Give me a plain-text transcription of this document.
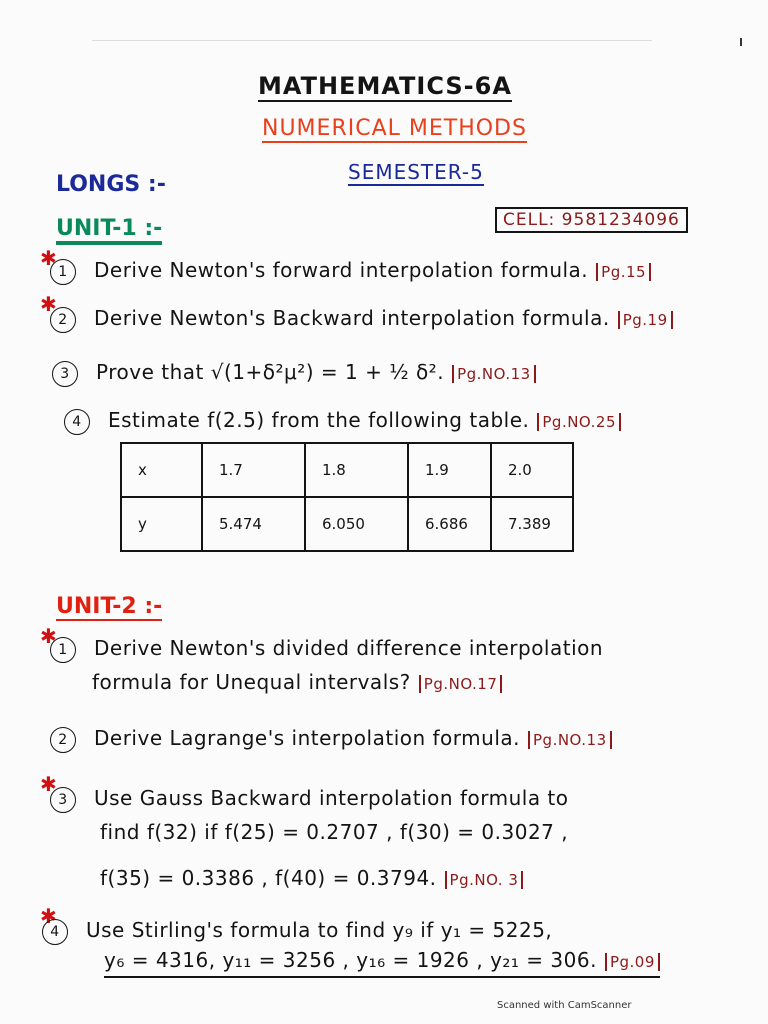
MATHEMATICS-6A
NUMERICAL METHODS
SEMESTER-5
LONGS :-
UNIT-1 :-	CELL: 9581234096
✱
1 Derive Newton's forward interpolation formula. Pg.15
✱
2 Derive Newton's Backward interpolation formula. Pg.19
3 Prove that √(1+δ²μ²) = 1 + ½ δ². Pg.NO.13
4 Estimate f(2.5) from the following table. Pg.NO.25
x	1.7	1.8	1.9	2.0
y	5.474	6.050	6.686	7.389
UNIT-2 :-
✱
1 Derive Newton's divided difference interpolation
formula for Unequal intervals? Pg.NO.17
2 Derive Lagrange's interpolation formula. Pg.NO.13
✱
3 Use Gauss Backward interpolation formula to
find f(32) if f(25) = 0.2707 , f(30) = 0.3027 ,
f(35) = 0.3386 , f(40) = 0.3794. Pg.NO. 3
✱
4 Use Stirling's formula to find y₉ if y₁ = 5225,
y₆ = 4316, y₁₁ = 3256 , y₁₆ = 1926 , y₂₁ = 306. Pg.09
Scanned with CamScanner
